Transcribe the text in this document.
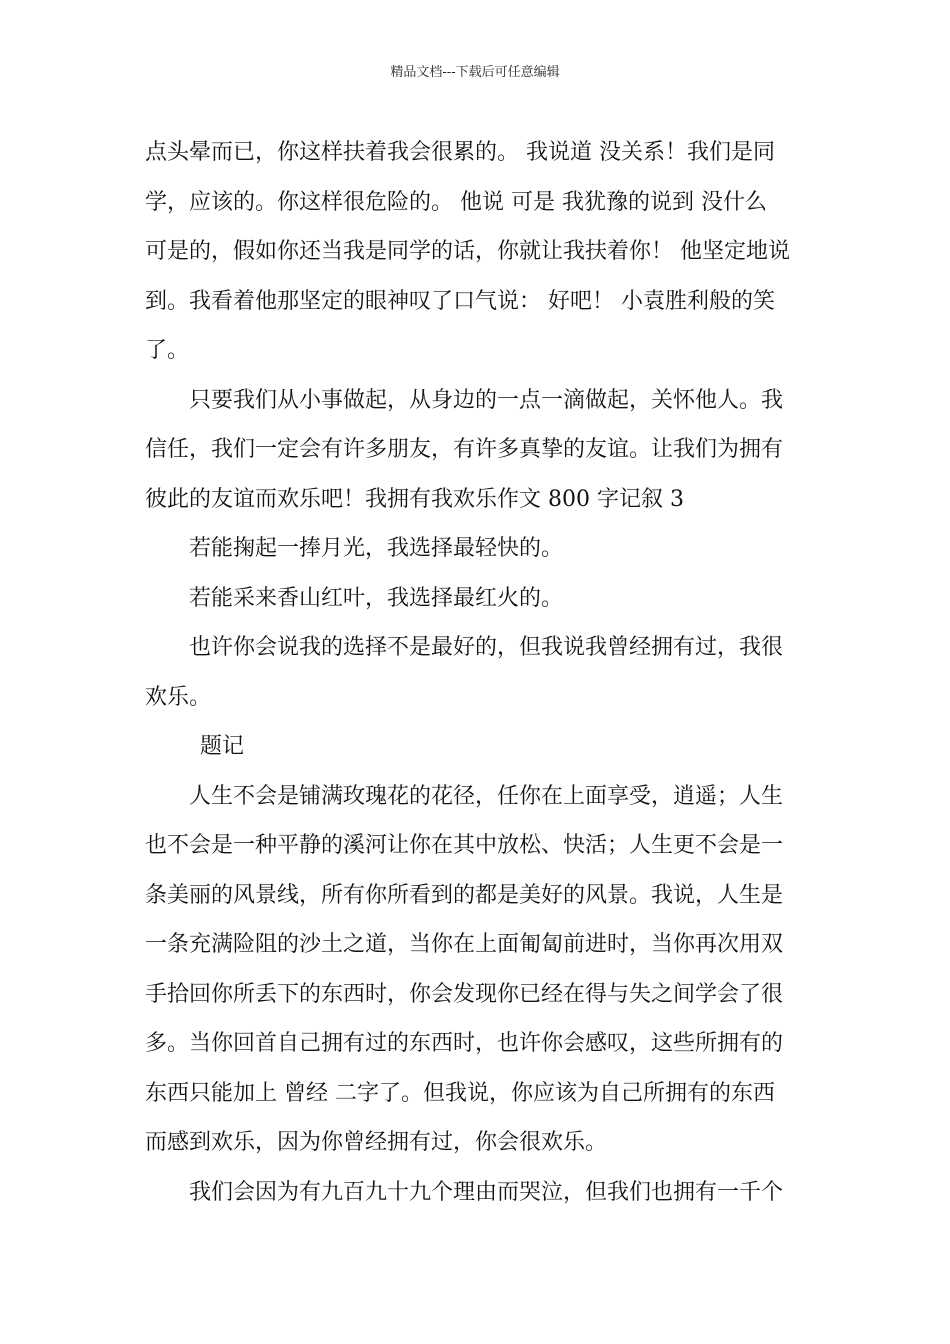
精品文档---下载后可任意编辑
点头晕而已，你这样扶着我会很累的。 我说道 没关系！我们是同
学，应该的。你这样很危险的。 他说 可是 我犹豫的说到 没什么
可是的，假如你还当我是同学的话，你就让我扶着你！ 他坚定地说
到。我看着他那坚定的眼神叹了口气说： 好吧！ 小袁胜利般的笑
了。
只要我们从小事做起，从身边的一点一滴做起，关怀他人。我
信任，我们一定会有许多朋友，有许多真挚的友谊。让我们为拥有
彼此的友谊而欢乐吧！我拥有我欢乐作文 800 字记叙 3
若能掬起一捧月光，我选择最轻快的。
若能采来香山红叶，我选择最红火的。
也许你会说我的选择不是最好的，但我说我曾经拥有过，我很
欢乐。
题记
人生不会是铺满玫瑰花的花径，任你在上面享受，逍遥；人生
也不会是一种平静的溪河让你在其中放松、快活；人生更不会是一
条美丽的风景线，所有你所看到的都是美好的风景。我说，人生是
一条充满险阻的沙土之道，当你在上面匍匐前进时，当你再次用双
手拾回你所丢下的东西时，你会发现你已经在得与失之间学会了很
多。当你回首自己拥有过的东西时，也许你会感叹，这些所拥有的
东西只能加上 曾经 二字了。但我说，你应该为自己所拥有的东西
而感到欢乐，因为你曾经拥有过，你会很欢乐。
我们会因为有九百九十九个理由而哭泣，但我们也拥有一千个
